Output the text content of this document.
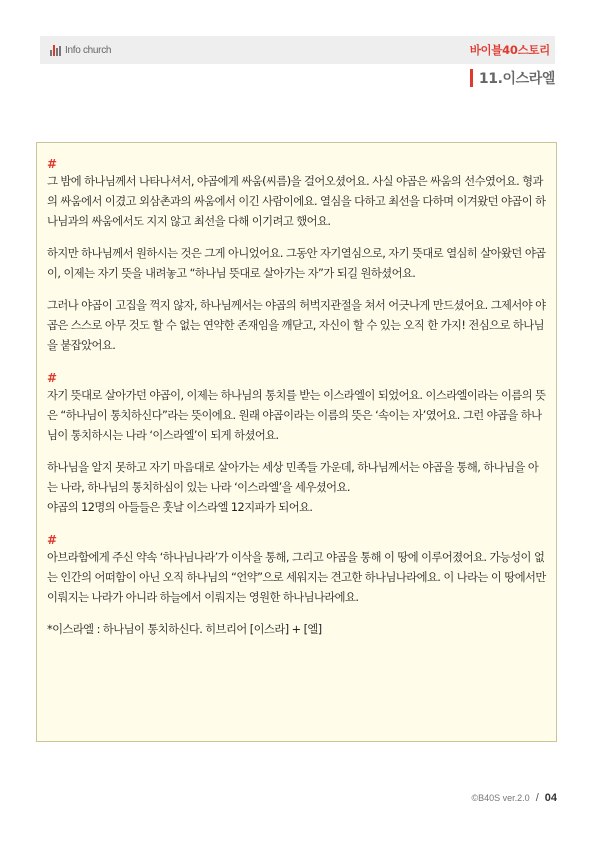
Info church	바이블40스토리
11.이스라엘
#

그 밤에 하나님께서 나타나셔서, 야곱에게 싸움(씨름)을 걸어오셨어요. 사실 야곱은 싸움의 선수였어요. 형과의 싸움에서 이겼고 외삼촌과의 싸움에서 이긴 사람이에요. 열심을 다하고 최선을 다하며 이겨왔던 야곱이 하나님과의 싸움에서도 지지 않고 최선을 다해 이기려고 했어요.

하지만 하나님께서 원하시는 것은 그게 아니었어요. 그동안 자기열심으로, 자기 뜻대로 열심히 살아왔던 야곱이, 이제는 자기 뜻을 내려놓고 “하나님 뜻대로 살아가는 자”가 되길 원하셨어요.

그러나 야곱이 고집을 꺽지 않자, 하나님께서는 야곱의 허벅지관절을 쳐서 어긋나게 만드셨어요. 그제서야 야곱은 스스로 아무 것도 할 수 없는 연약한 존재임을 깨닫고, 자신이 할 수 있는 오직 한 가지! 전심으로 하나님을 붙잡았어요.

#

자기 뜻대로 살아가던 야곱이, 이제는 하나님의 통치를 받는 이스라엘이 되었어요. 이스라엘이라는 이름의 뜻은 “하나님이 통치하신다”라는 뜻이에요. 원래 야곱이라는 이름의 뜻은 ‘속이는 자’였어요. 그런 야곱을 하나님이 통치하시는 나라 ‘이스라엘’이 되게 하셨어요.

하나님을 알지 못하고 자기 마음대로 살아가는 세상 민족들 가운데, 하나님께서는 야곱을 통해, 하나님을 아는 나라, 하나님의 통치하심이 있는 나라 ‘이스라엘’을 세우셨어요.

야곱의 12명의 아들들은 훗날 이스라엘 12지파가 되어요.

#

아브라함에게 주신 약속 ‘하나님나라’가 이삭을 통해, 그리고 야곱을 통해 이 땅에 이루어졌어요. 가능성이 없는 인간의 어떠함이 아닌 오직 하나님의 “언약”으로 세워지는 견고한 하나님나라에요. 이 나라는 이 땅에서만 이뤄지는 나라가 아니라 하늘에서 이뤄지는 영원한 하나님나라에요.

*이스라엘 : 하나님이 통치하신다. 히브리어 [이스라] + [엘]

©B40S ver.2.0 / 04
